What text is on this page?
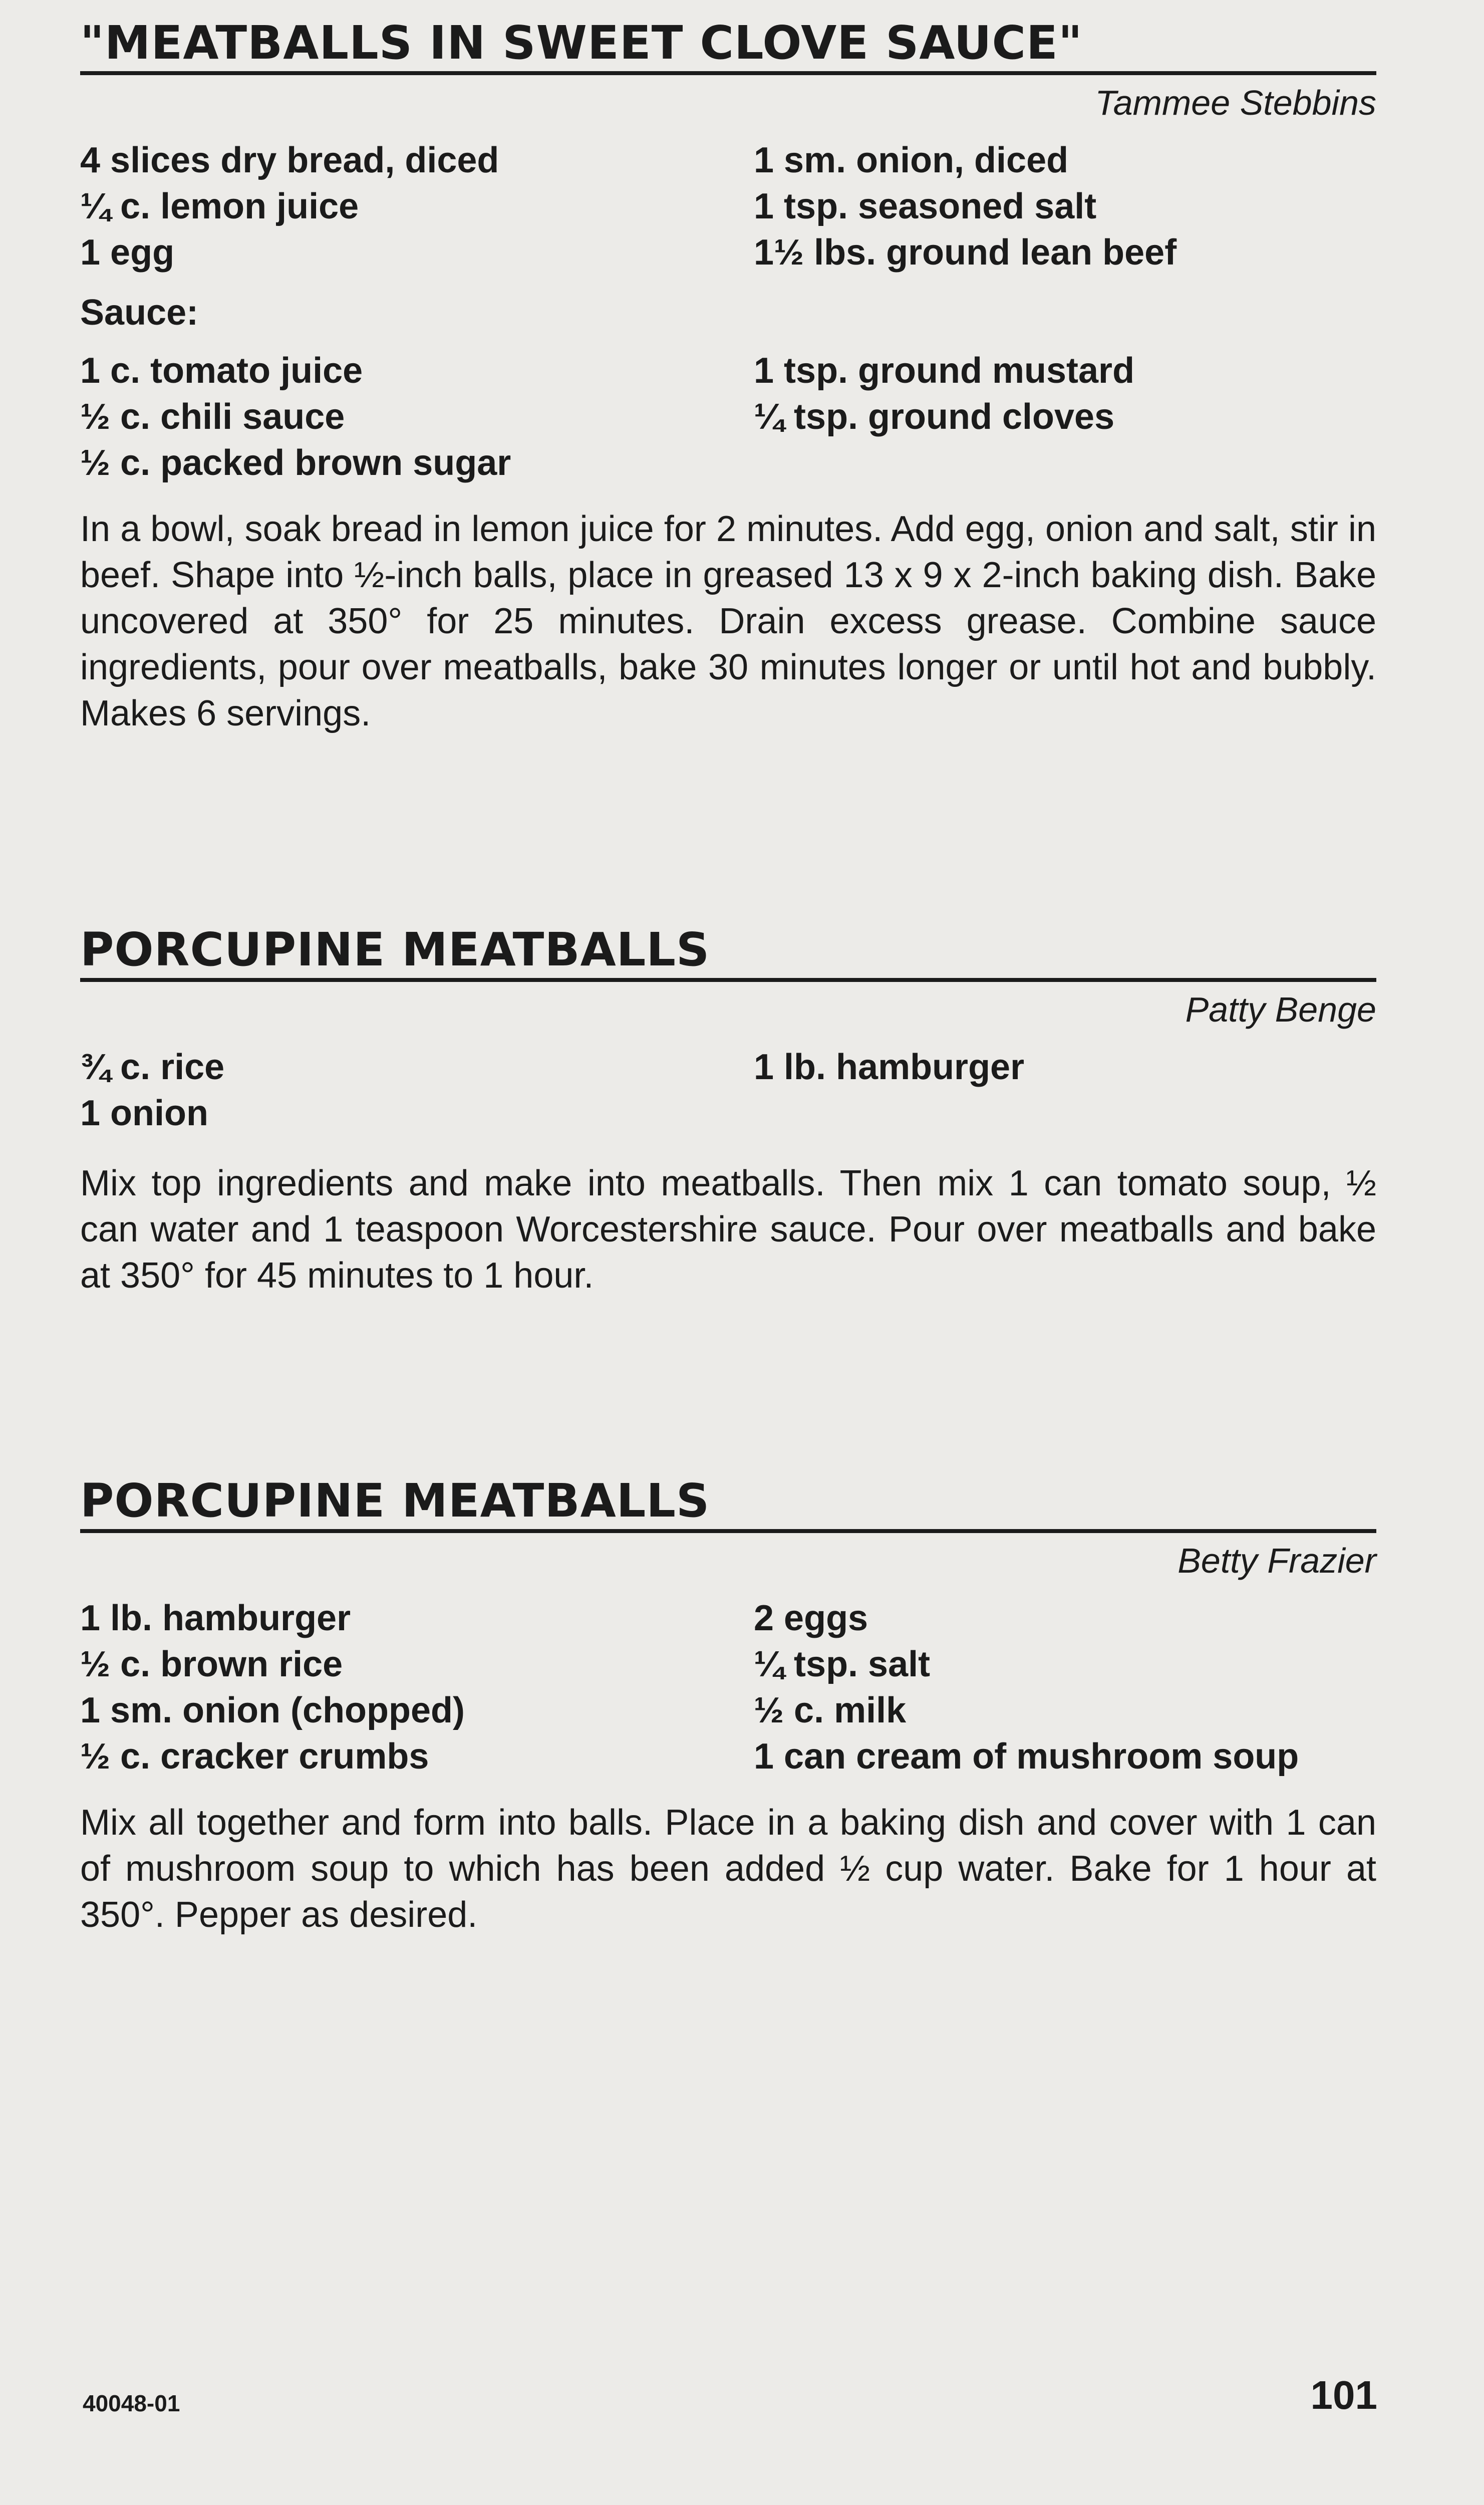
"MEATBALLS IN SWEET CLOVE SAUCE"
Tammee Stebbins
4 slices dry bread, diced
¼ c. lemon juice
1 egg
1 sm. onion, diced
1 tsp. seasoned salt
1½ lbs. ground lean beef
Sauce:
1 c. tomato juice
½ c. chili sauce
½ c. packed brown sugar
1 tsp. ground mustard
¼ tsp. ground cloves

In a bowl, soak bread in lemon juice for 2 minutes. Add egg, onion and salt, stir in beef. Shape into ½-inch balls, place in greased 13 x 9 x 2-inch baking dish. Bake uncovered at 350° for 25 minutes. Drain excess grease. Combine sauce ingredients, pour over meatballs, bake 30 minutes longer or until hot and bubbly. Makes 6 servings.

PORCUPINE MEATBALLS
Patty Benge
¾ c. rice
1 onion
1 lb. hamburger

Mix top ingredients and make into meatballs. Then mix 1 can tomato soup, ½ can water and 1 teaspoon Worcestershire sauce. Pour over meatballs and bake at 350° for 45 minutes to 1 hour.

PORCUPINE MEATBALLS
Betty Frazier
1 lb. hamburger
½ c. brown rice
1 sm. onion (chopped)
½ c. cracker crumbs
2 eggs
¼ tsp. salt
½ c. milk
1 can cream of mushroom soup

Mix all together and form into balls. Place in a baking dish and cover with 1 can of mushroom soup to which has been added ½ cup water. Bake for 1 hour at 350°. Pepper as desired.

40048-01	101
